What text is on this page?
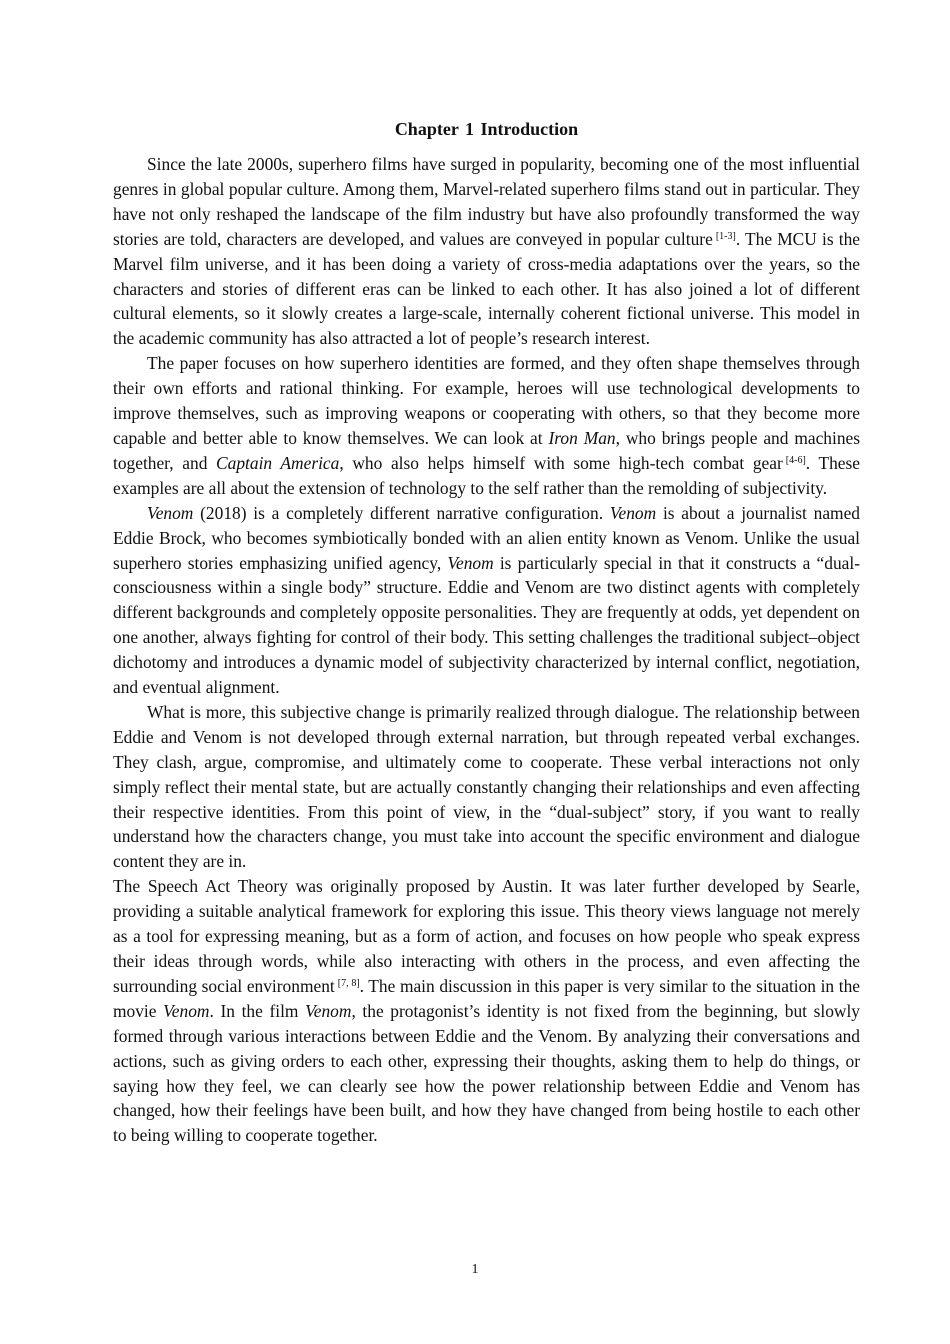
Chapter 1 Introduction

Since the late 2000s, superhero films have surged in popularity, becoming one of the most influential genres in global popular culture. Among them, Marvel-related superhero films stand out in particular. They have not only reshaped the landscape of the film industry but have also profoundly transformed the way stories are told, characters are developed, and values are conveyed in popular culture [1-3]. The MCU is the Marvel film universe, and it has been doing a variety of cross-media adaptations over the years, so the characters and stories of different eras can be linked to each other. It has also joined a lot of different cultural elements, so it slowly creates a large-scale, internally coherent fictional universe. This model in the academic community has also attracted a lot of people’s research interest.

The paper focuses on how superhero identities are formed, and they often shape themselves through their own efforts and rational thinking. For example, heroes will use technological developments to improve themselves, such as improving weapons or cooperating with others, so that they become more capable and better able to know themselves. We can look at Iron Man, who brings people and machines together, and Captain America, who also helps himself with some high-tech combat gear [4-6]. These examples are all about the extension of technology to the self rather than the remolding of subjectivity.

Venom (2018) is a completely different narrative configuration. Venom is about a journalist named Eddie Brock, who becomes symbiotically bonded with an alien entity known as Venom. Unlike the usual superhero stories emphasizing unified agency, Venom is particularly special in that it constructs a “dual-consciousness within a single body” structure. Eddie and Venom are two distinct agents with completely different backgrounds and completely opposite personalities. They are frequently at odds, yet dependent on one another, always fighting for control of their body. This setting challenges the traditional subject–object dichotomy and introduces a dynamic model of subjectivity characterized by internal conflict, negotiation, and eventual alignment.

What is more, this subjective change is primarily realized through dialogue. The relationship between Eddie and Venom is not developed through external narration, but through repeated verbal exchanges. They clash, argue, compromise, and ultimately come to cooperate. These verbal interactions not only simply reflect their mental state, but are actually constantly changing their relationships and even affecting their respective identities. From this point of view, in the “dual-subject” story, if you want to really understand how the characters change, you must take into account the specific environment and dialogue content they are in.

The Speech Act Theory was originally proposed by Austin. It was later further developed by Searle, providing a suitable analytical framework for exploring this issue. This theory views language not merely as a tool for expressing meaning, but as a form of action, and focuses on how people who speak express their ideas through words, while also interacting with others in the process, and even affecting the surrounding social environment [7, 8]. The main discussion in this paper is very similar to the situation in the movie Venom. In the film Venom, the protagonist’s identity is not fixed from the beginning, but slowly formed through various interactions between Eddie and the Venom. By analyzing their conversations and actions, such as giving orders to each other, expressing their thoughts, asking them to help do things, or saying how they feel, we can clearly see how the power relationship between Eddie and Venom has changed, how their feelings have been built, and how they have changed from being hostile to each other to being willing to cooperate together.

1
